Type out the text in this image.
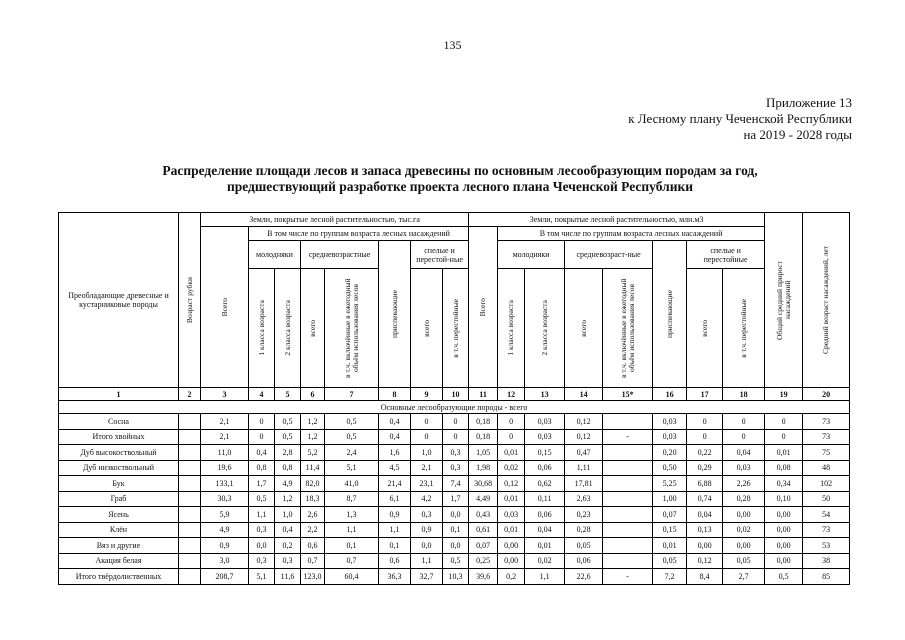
135
Приложение 13
к Лесному плану Чеченской Республики
на 2019 - 2028 годы
Распределение площади лесов и запаса древесины по основным лесообразующим породам за год,
предшествующий разработке проекта лесного плана Чеченской Республики
Преобладающие древесные и кустарниковые породы	Возраст рубки	Земли, покрытые лесной растительностью, тыс.га								Земли, покрытые лесной растительностью, млн.м3								Общий средний прирост насаждений	Средний возраст насаждений, лет

		Всего	В том числе по группам возраста лесных насаждений							Всего	В том числе по группам возраста лесных насаждений								
			молодняки		средневозрастные		приспевающие	спелые и перестой-ные			молодняки		средневозраст-ные		приспевающие	спелые и перестойные			

			1 класса возраста	2 класса возраста	всего	в т.ч. включённые в ежегодный объём использования лесов		всего	в т.ч. перестойные		1 класса возраста	2 класса возраста	всего	в т.ч. включённые в ежегодный объём использования лесов		всего	в т.ч. перестойные		

1	2	3	4	5	6	7	8	9	10	11	12	13	14	15*	16	17	18	19	20
Основные лесообразующие породы - всего																			
Сосна		2,1	0	0,5	1,2	0,5	0,4	0	0	0,18	0	0,03	0,12		0,03	0	0	0	73
Итого хвойных		2,1	0	0,5	1,2	0,5	0,4	0	0	0,18	0	0,03	0,12	-	0,03	0	0	0	73
Дуб высокоствольный		11,0	0,4	2,8	5,2	2,4	1,6	1,0	0,3	1,05	0,01	0,15	0,47		0,20	0,22	0,04	0,01	75
Дуб низкоствольный		19,6	0,8	0,8	11,4	5,1	4,5	2,1	0,3	1,98	0,02	0,06	1,11		0,50	0,29	0,03	0,08	48
Бук		133,1	1,7	4,9	82,0	41,0	21,4	23,1	7,4	30,68	0,12	0,62	17,81		5,25	6,88	2,26	0,34	102
Граб		30,3	0,5	1,2	18,3	8,7	6,1	4,2	1,7	4,49	0,01	0,11	2,63		1,00	0,74	0,28	0,10	50
Ясень		5,9	1,1	1,0	2,6	1,3	0,9	0,3	0,0	0,43	0,03	0,06	0,23		0,07	0,04	0,00	0,00	54
Клён		4,9	0,3	0,4	2,2	1,1	1,1	0,9	0,1	0,61	0,01	0,04	0,28		0,15	0,13	0,02	0,00	73
Вяз и другие		0,9	0,0	0,2	0,6	0,1	0,1	0,0	0,0	0,07	0,00	0,01	0,05		0,01	0,00	0,00	0,00	53
Акация белая		3,0	0,3	0,3	0,7	0,7	0,6	1,1	0,5	0,25	0,00	0,02	0,06		0,05	0,12	0,05	0,00	38
Итого твёрдолиственных		208,7	5,1	11,6	123,0	60,4	36,3	32,7	10,3	39,6	0,2	1,1	22,6	-	7,2	8,4	2,7	0,5	85
